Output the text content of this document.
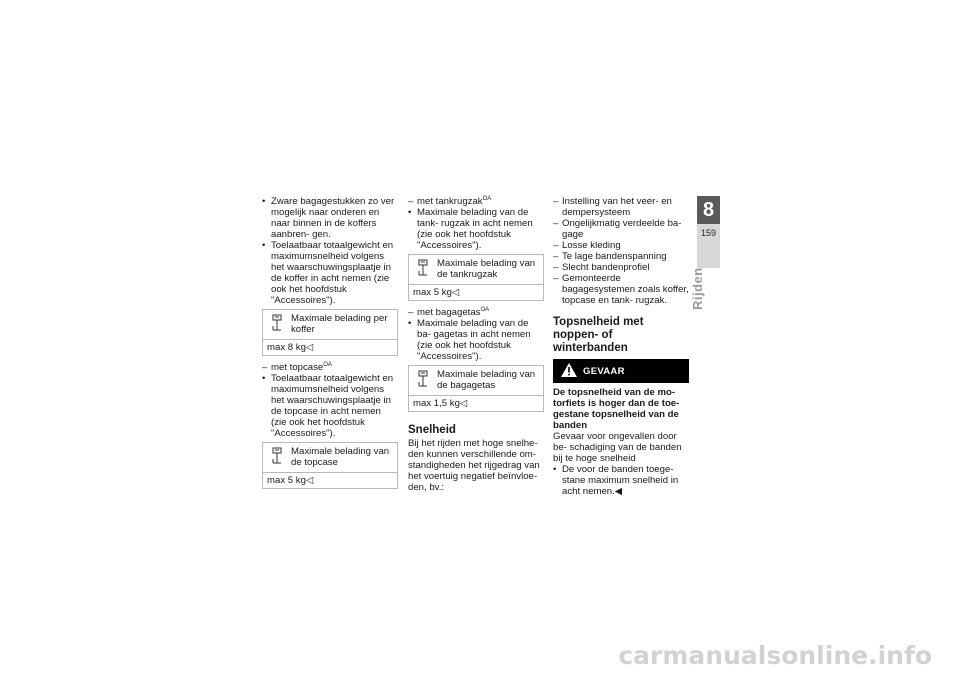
• Zware bagagestukken zo ver mogelijk naar onderen en naar binnen in de koffers aanbren- gen.
• Toelaatbaar totaalgewicht en maximumsnelheid volgens het waarschuwingsplaatje in de koffer in acht nemen (zie ook het hoofdstuk "Accessoires").
Maximale belading per koffer
max 8 kg◁
– met topcase$^{OA}$
• Toelaatbaar totaalgewicht en maximumsnelheid volgens het waarschuwingsplaatje in de topcase in acht nemen (zie ook het hoofdstuk "Accessoires").
Maximale belading van de topcase
max 5 kg◁
– met tankrugzak$^{OA}$
• Maximale belading van de tank- rugzak in acht nemen (zie ook het hoofdstuk "Accessoires").
Maximale belading van de tankrugzak
max 5 kg◁
– met bagagetas$^{OA}$
• Maximale belading van de ba- gagetas in acht nemen (zie ook het hoofdstuk "Accessoires").
Maximale belading van de bagagetas
max 1,5 kg◁
Snelheid

Bij het rijden met hoge snelhe- den kunnen verschillende om- standigheden het rijgedrag van het voertuig negatief beïnvloe- den, bv.:

– Instelling van het veer- en dempersysteem
– Ongelijkmatig verdeelde ba- gage
– Losse kleding
– Te lage bandenspanning
– Slecht bandenprofiel
– Gemonteerde bagagesystemen zoals koffer, topcase en tank- rugzak.
Topsnelheid met noppen- of winterbanden
GEVAAR
De topsnelheid van de mo- torfiets is hoger dan de toe- gestane topsnelheid van de banden
Gevaar voor ongevallen door be- schadiging van de banden bij te hoge snelheid
• De voor de banden toege- stane maximum snelheid in acht nemen.◀
8
159
Rijden
carmanualsonline.info
